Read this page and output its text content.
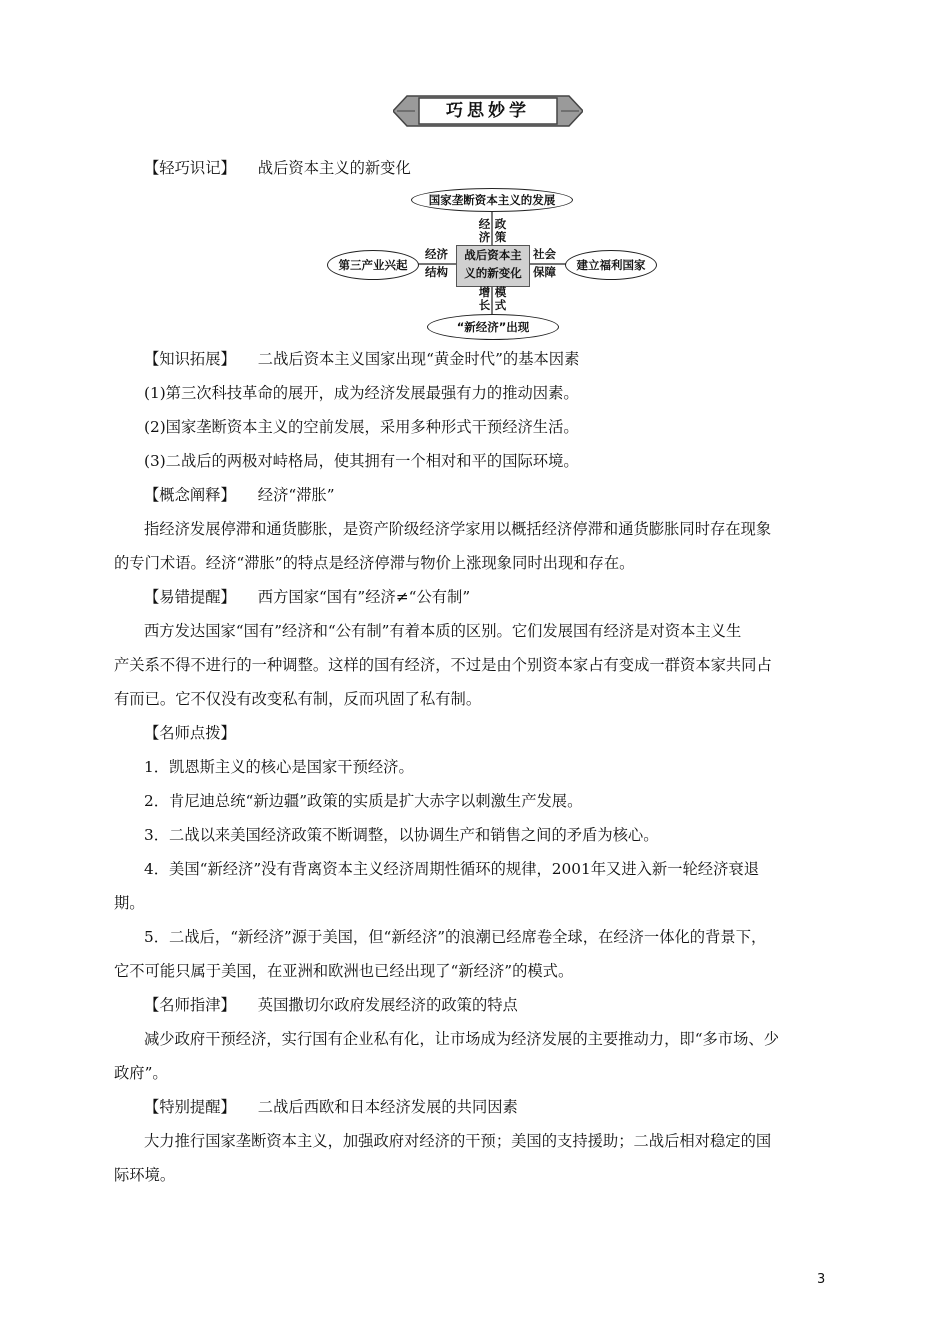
巧思妙学
【轻巧识记】 战后资本主义的新变化
国家垄断资本主义的发展
第三产业兴起	建立福利国家
“新经济”出现
战后资本主
义的新变化
经济
政策
经济
结构
社会
保障
增长
模式
【知识拓展】 二战后资本主义国家出现“黄金时代”的基本因素
(1)第三次科技革命的展开，成为经济发展最强有力的推动因素。
(2)国家垄断资本主义的空前发展，采用多种形式干预经济生活。
(3)二战后的两极对峙格局，使其拥有一个相对和平的国际环境。
【概念阐释】 经济“滞胀”
指经济发展停滞和通货膨胀，是资产阶级经济学家用以概括经济停滞和通货膨胀同时存在现象
的专门术语。经济“滞胀”的特点是经济停滞与物价上涨现象同时出现和存在。
【易错提醒】 西方国家“国有”经济≠“公有制”
西方发达国家“国有”经济和“公有制”有着本质的区别。它们发展国有经济是对资本主义生
产关系不得不进行的一种调整。这样的国有经济，不过是由个别资本家占有变成一群资本家共同占
有而已。它不仅没有改变私有制，反而巩固了私有制。
【名师点拨】
1．凯恩斯主义的核心是国家干预经济。
2．肯尼迪总统“新边疆”政策的实质是扩大赤字以刺激生产发展。
3．二战以来美国经济政策不断调整，以协调生产和销售之间的矛盾为核心。
4．美国“新经济”没有背离资本主义经济周期性循环的规律，2001年又进入新一轮经济衰退
期。
5．二战后，“新经济”源于美国，但“新经济”的浪潮已经席卷全球，在经济一体化的背景下，
它不可能只属于美国，在亚洲和欧洲也已经出现了“新经济”的模式。
【名师指津】 英国撒切尔政府发展经济的政策的特点
减少政府干预经济，实行国有企业私有化，让市场成为经济发展的主要推动力，即“多市场、少
政府”。
【特别提醒】 二战后西欧和日本经济发展的共同因素
大力推行国家垄断资本主义，加强政府对经济的干预；美国的支持援助；二战后相对稳定的国
际环境。
3
